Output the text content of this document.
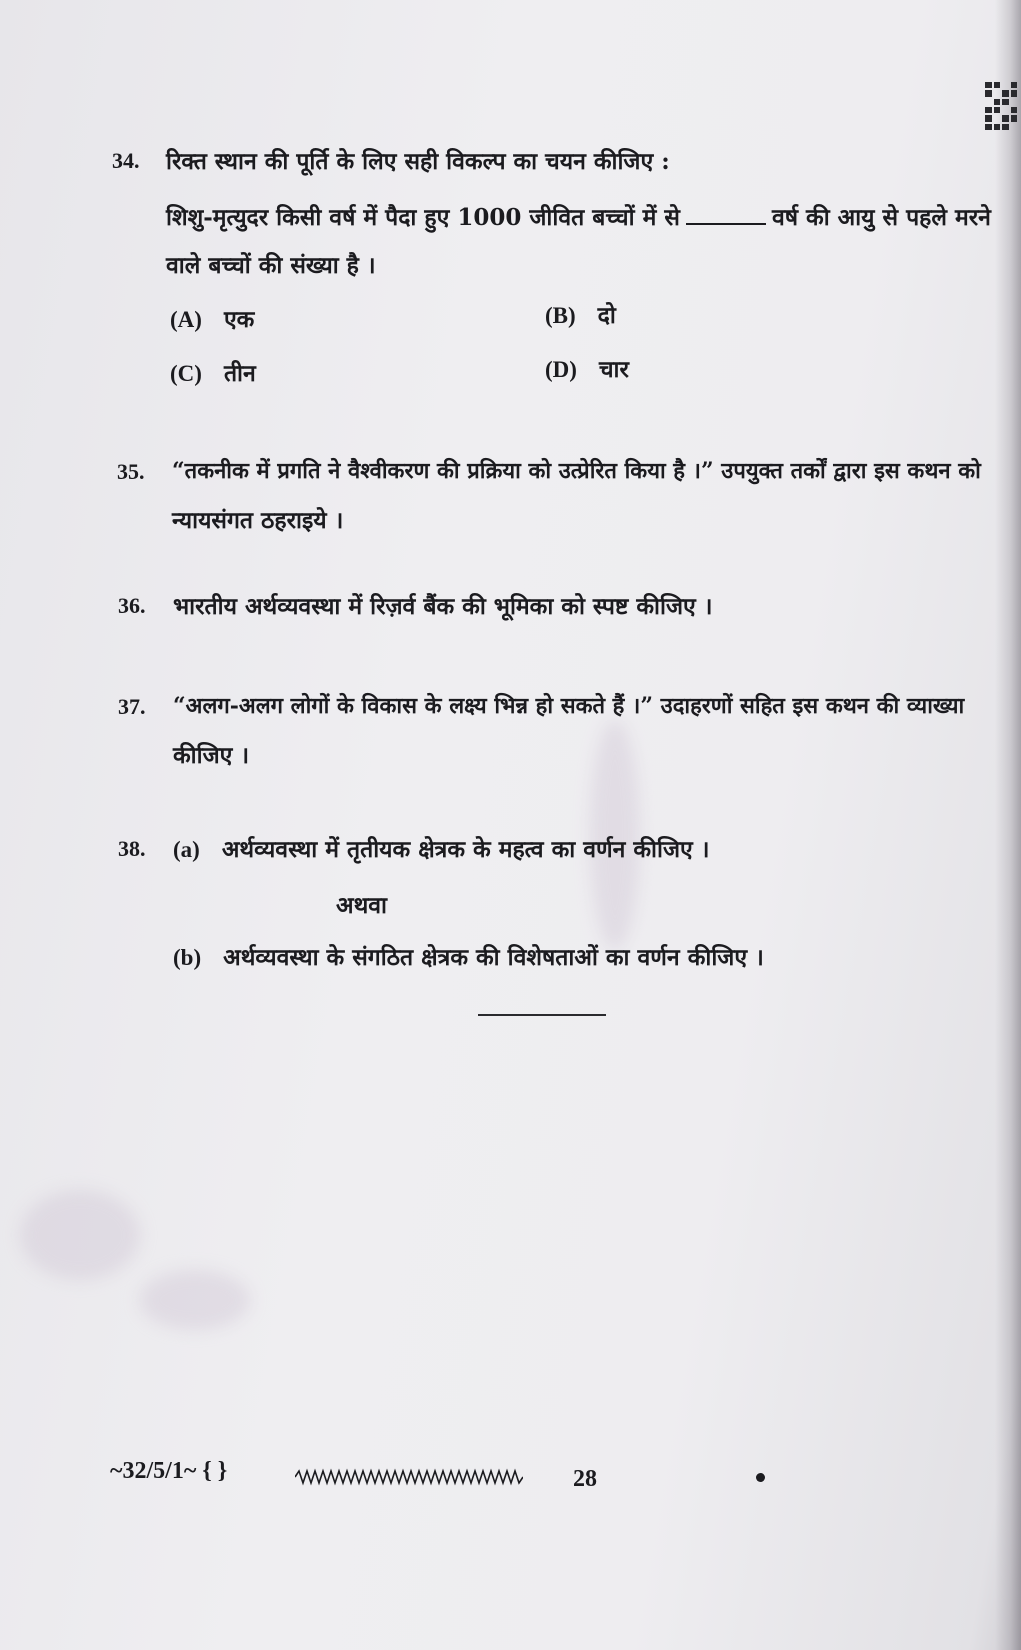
34. रिक्त स्थान की पूर्ति के लिए सही विकल्प का चयन कीजिए :
शिशु-मृत्युदर किसी वर्ष में पैदा हुए 1000 जीवित बच्चों में से	वर्ष की आयु से पहले मरने
वाले बच्चों की संख्या है ।
(A) एक	(B) दो
(C) तीन	(D) चार
35. “तकनीक में प्रगति ने वैश्वीकरण की प्रक्रिया को उत्प्रेरित किया है ।” उपयुक्त तर्कों द्वारा इस कथन को
न्यायसंगत ठहराइये ।
36. भारतीय अर्थव्यवस्था में रिज़र्व बैंक की भूमिका को स्पष्ट कीजिए ।
37. “अलग-अलग लोगों के विकास के लक्ष्य भिन्न हो सकते हैं ।” उदाहरणों सहित इस कथन की व्याख्या
कीजिए ।
38. (a) अर्थव्यवस्था में तृतीयक क्षेत्रक के महत्व का वर्णन कीजिए ।
अथवा
(b) अर्थव्यवस्था के संगठित क्षेत्रक की विशेषताओं का वर्णन कीजिए ।
~32/5/1~ { }	28
